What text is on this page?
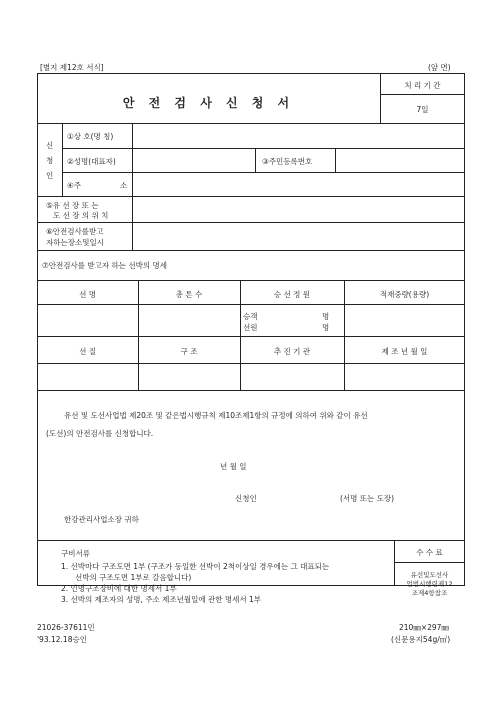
[별지 제12호 서식]	(앞 면)
안 전 검 사 신 청 서
처 리 기 간
7일
신
청
인
①상 호(명 칭)
②성명(대표자)	③주민등록번호
④주	소
⑤유 선 장 또 는
도 선 장 의 위 치
⑥안전검사를받고
자하는장소및일시
⑦안전검사를 받고자 하는 선박의 명세
선 명	총 톤 수	승 선 정 원	적재중량(용량)
승객	명
선원	명
선 질	구 조	추 진 기 관	제 조 년 월 일
유선 및 도선사업법 제20조 및 같은법시행규칙 제10조제1항의 규정에 의하여 위와 같이 유선
(도선)의 안전검사를 신청합니다.
년 월 일
신청인	(서명 또는 도장)
한강관리사업소장 귀하
구비서류
1. 선박마다 구조도면 1부 (구조가 동일한 선박이 2척이상일 경우에는 그 대표되는
선박의 구조도면 1부로 갈음합니다)
2. 인명구조장비에 대한 명세서 1부
3. 선박의 제조자의 성명, 주소 제조년월일에 관한 명세서 1부
수 수 료
유선및도선사
업법시행령제12
조제4항참조
21026-37611민
'93.12.18승인
210㎜×297㎜
(신문용지54g/㎡)
